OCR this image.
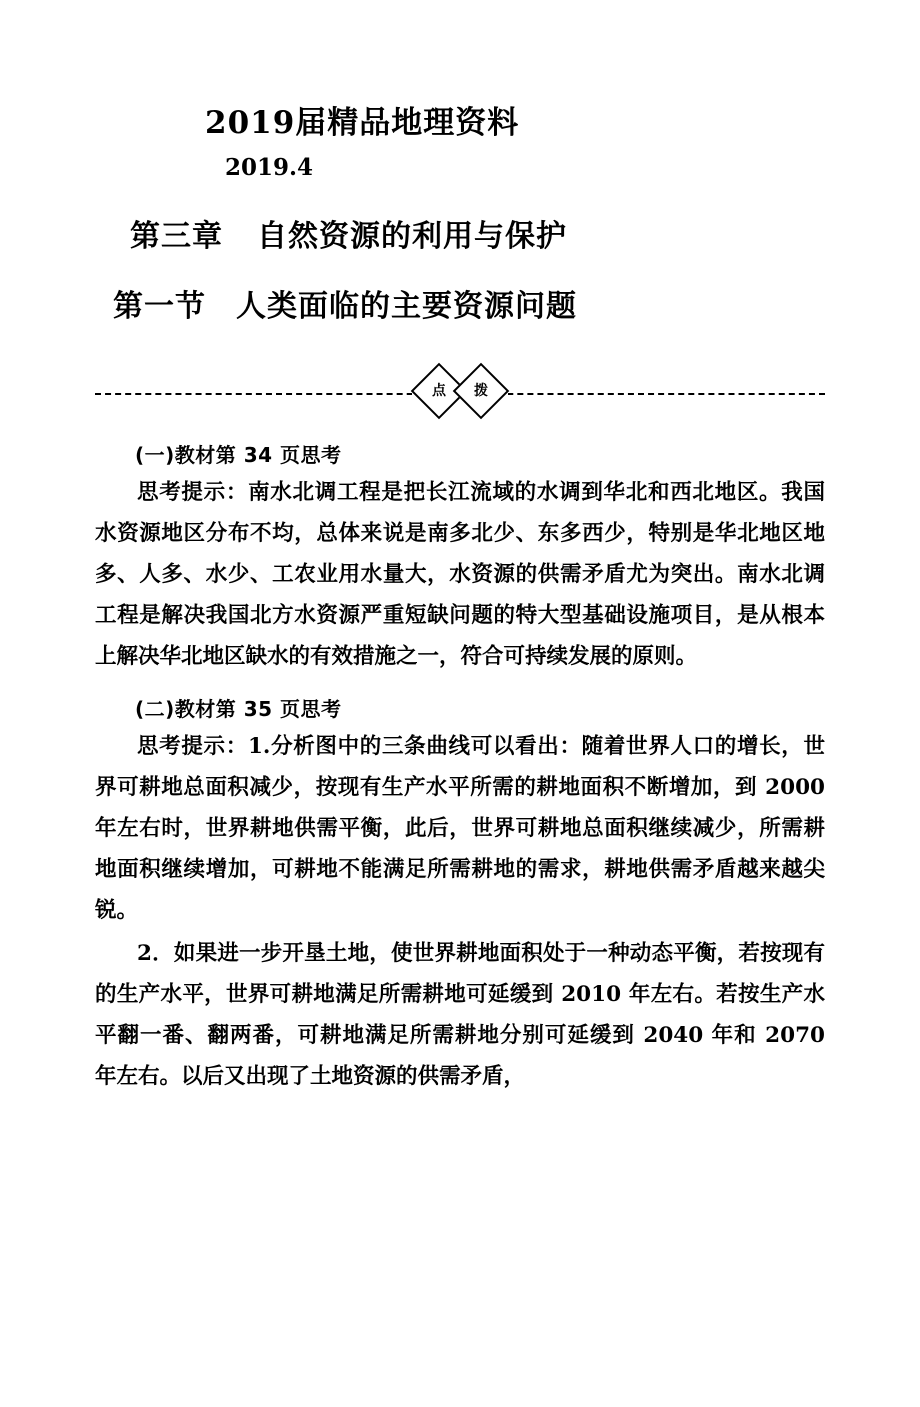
2019届精品地理资料
2019.4
第三章 自然资源的利用与保护
第一节 人类面临的主要资源问题
点 拨
(一)教材第 34 页思考

思考提示：南水北调工程是把长江流域的水调到华北和西北地区。我国水资源地区分布不均，总体来说是南多北少、东多西少，特别是华北地区地多、人多、水少、工农业用水量大，水资源的供需矛盾尤为突出。南水北调工程是解决我国北方水资源严重短缺问题的特大型基础设施项目，是从根本上解决华北地区缺水的有效措施之一，符合可持续发展的原则。

(二)教材第 35 页思考

思考提示：1.分析图中的三条曲线可以看出：随着世界人口的增长，世界可耕地总面积减少，按现有生产水平所需的耕地面积不断增加，到 2000 年左右时，世界耕地供需平衡，此后，世界可耕地总面积继续减少，所需耕地面积继续增加，可耕地不能满足所需耕地的需求，耕地供需矛盾越来越尖锐。

2．如果进一步开垦土地，使世界耕地面积处于一种动态平衡，若按现有的生产水平，世界可耕地满足所需耕地可延缓到 2010 年左右。若按生产水平翻一番、翻两番，可耕地满足所需耕地分别可延缓到 2040 年和 2070 年左右。以后又出现了土地资源的供需矛盾，
